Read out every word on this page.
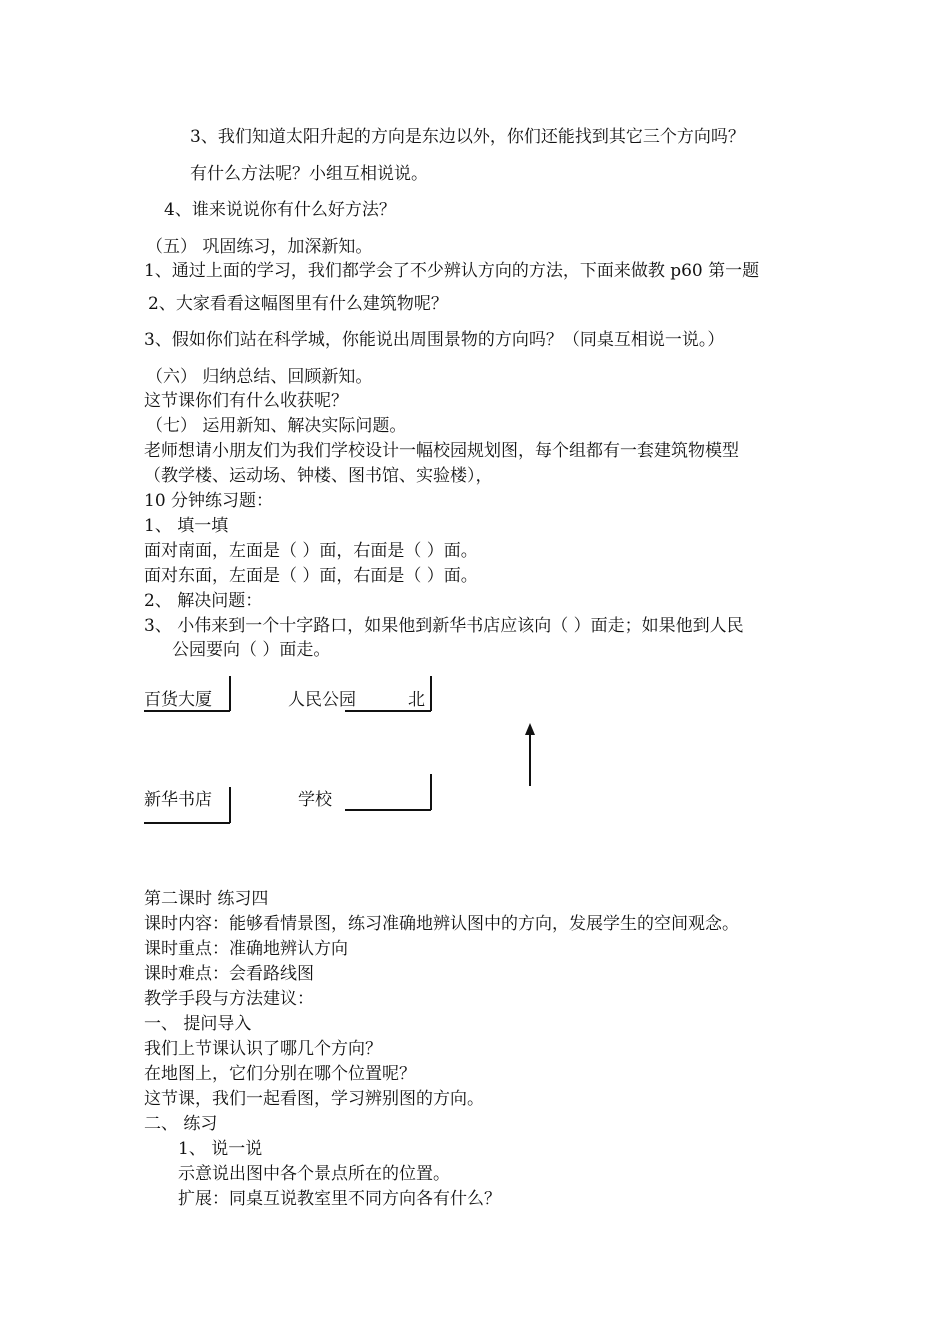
3、我们知道太阳升起的方向是东边以外，你们还能找到其它三个方向吗？
有什么方法呢？小组互相说说。
4、谁来说说你有什么好方法？
（五） 巩固练习，加深新知。
1、通过上面的学习，我们都学会了不少辨认方向的方法，下面来做教 p60 第一题
2、大家看看这幅图里有什么建筑物呢？
3、假如你们站在科学城，你能说出周围景物的方向吗？（同桌互相说一说。）
（六） 归纳总结、回顾新知。
这节课你们有什么收获呢？
（七） 运用新知、解决实际问题。
老师想请小朋友们为我们学校设计一幅校园规划图，每个组都有一套建筑物模型
（教学楼、运动场、钟楼、图书馆、实验楼），
10 分钟练习题：
1、 填一填
面对南面，左面是（ ）面，右面是（ ）面。
面对东面，左面是（ ）面，右面是（ ）面。
2、 解决问题：
3、 小伟来到一个十字路口，如果他到新华书店应该向（ ）面走；如果他到人民
公园要向（ ）面走。
百货大厦	人民公园	北
新华书店	学校
第二课时 练习四
课时内容：能够看情景图，练习准确地辨认图中的方向，发展学生的空间观念。
课时重点：准确地辨认方向
课时难点：会看路线图
教学手段与方法建议：
一、 提问导入
我们上节课认识了哪几个方向？
在地图上，它们分别在哪个位置呢？
这节课，我们一起看图，学习辨别图的方向。
二、 练习
1、 说一说
示意说出图中各个景点所在的位置。
扩展：同桌互说教室里不同方向各有什么？
